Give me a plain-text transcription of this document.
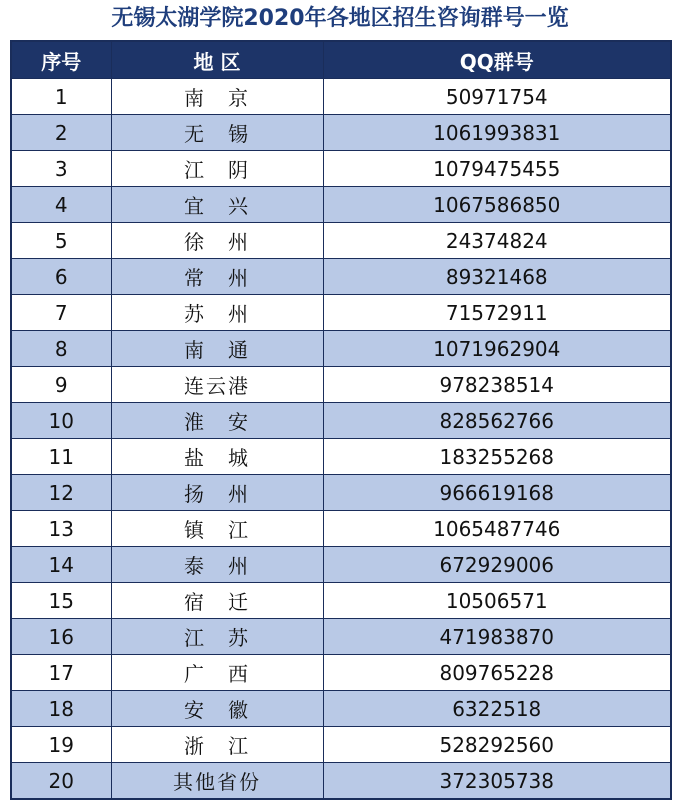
无锡太湖学院2020年各地区招生咨询群号一览
序号	地 区	QQ群号
1	南　京	50971754
2	无　锡	1061993831
3	江　阴	1079475455
4	宜　兴	1067586850
5	徐　州	24374824
6	常　州	89321468
7	苏　州	71572911
8	南　通	1071962904
9	连云港	978238514
10	淮　安	828562766
11	盐　城	183255268
12	扬　州	966619168
13	镇　江	1065487746
14	泰　州	672929006
15	宿　迁	10506571
16	江　苏	471983870
17	广　西	809765228
18	安　徽	6322518
19	浙　江	528292560
20	其他省份	372305738
